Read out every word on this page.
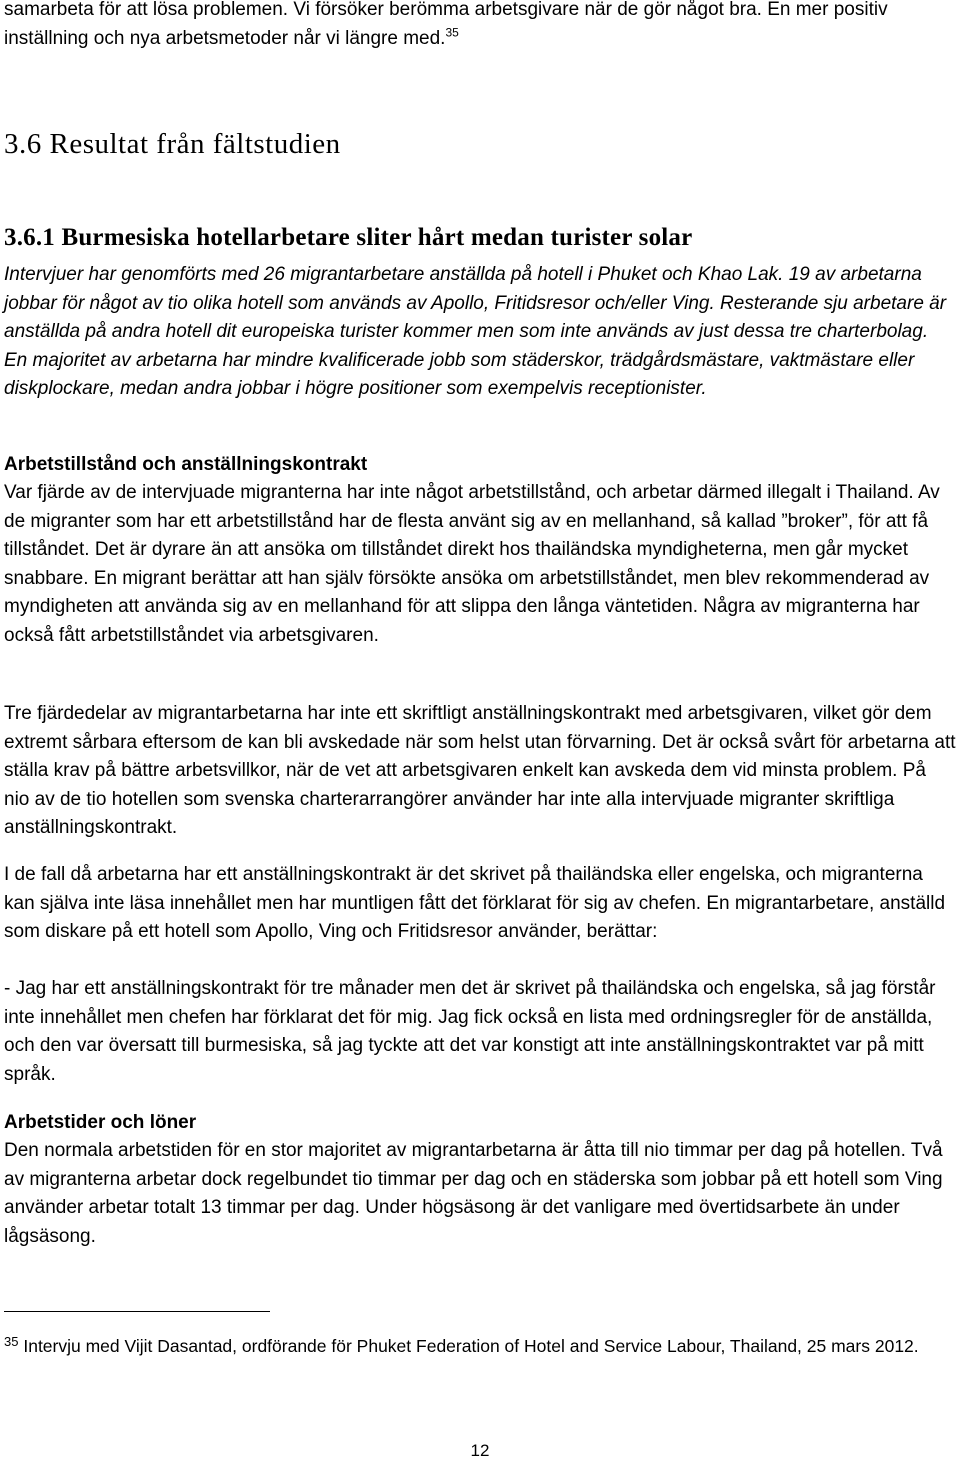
samarbeta för att lösa problemen. Vi försöker berömma arbetsgivare när de gör något bra. En mer positiv inställning och nya arbetsmetoder når vi längre med.$^{35}$

3.6 Resultat från fältstudien
3.6.1 Burmesiska hotellarbetare sliter hårt medan turister solar

Intervjuer har genomförts med 26 migrantarbetare anställda på hotell i Phuket och Khao Lak. 19 av arbetarna jobbar för något av tio olika hotell som används av Apollo, Fritidsresor och/eller Ving. Resterande sju arbetare är anställda på andra hotell dit europeiska turister kommer men som inte används av just dessa tre charterbolag. En majoritet av arbetarna har mindre kvalificerade jobb som städerskor, trädgårdsmästare, vaktmästare eller diskplockare, medan andra jobbar i högre positioner som exempelvis receptionister.

Arbetstillstånd och anställningskontrakt

Var fjärde av de intervjuade migranterna har inte något arbetstillstånd, och arbetar därmed illegalt i Thailand. Av de migranter som har ett arbetstillstånd har de flesta använt sig av en mellanhand, så kallad ”broker”, för att få tillståndet. Det är dyrare än att ansöka om tillståndet direkt hos thailändska myndigheterna, men går mycket snabbare. En migrant berättar att han själv försökte ansöka om arbetstillståndet, men blev rekommenderad av myndigheten att använda sig av en mellanhand för att slippa den långa väntetiden. Några av migranterna har också fått arbetstillståndet via arbetsgivaren.

Tre fjärdedelar av migrantarbetarna har inte ett skriftligt anställningskontrakt med arbetsgivaren, vilket gör dem extremt sårbara eftersom de kan bli avskedade när som helst utan förvarning. Det är också svårt för arbetarna att ställa krav på bättre arbetsvillkor, när de vet att arbetsgivaren enkelt kan avskeda dem vid minsta problem. På nio av de tio hotellen som svenska charterarrangörer använder har inte alla intervjuade migranter skriftliga anställningskontrakt.

I de fall då arbetarna har ett anställningskontrakt är det skrivet på thailändska eller engelska, och migranterna kan själva inte läsa innehållet men har muntligen fått det förklarat för sig av chefen. En migrantarbetare, anställd som diskare på ett hotell som Apollo, Ving och Fritidsresor använder, berättar:

- Jag har ett anställningskontrakt för tre månader men det är skrivet på thailändska och engelska, så jag förstår inte innehållet men chefen har förklarat det för mig. Jag fick också en lista med ordningsregler för de anställda, och den var översatt till burmesiska, så jag tyckte att det var konstigt att inte anställningskontraktet var på mitt språk.

Arbetstider och löner

Den normala arbetstiden för en stor majoritet av migrantarbetarna är åtta till nio timmar per dag på hotellen. Två av migranterna arbetar dock regelbundet tio timmar per dag och en städerska som jobbar på ett hotell som Ving använder arbetar totalt 13 timmar per dag. Under högsäsong är det vanligare med övertidsarbete än under lågsäsong.

$^{35}$ Intervju med Vijit Dasantad, ordförande för Phuket Federation of Hotel and Service Labour, Thailand, 25 mars 2012.
12
